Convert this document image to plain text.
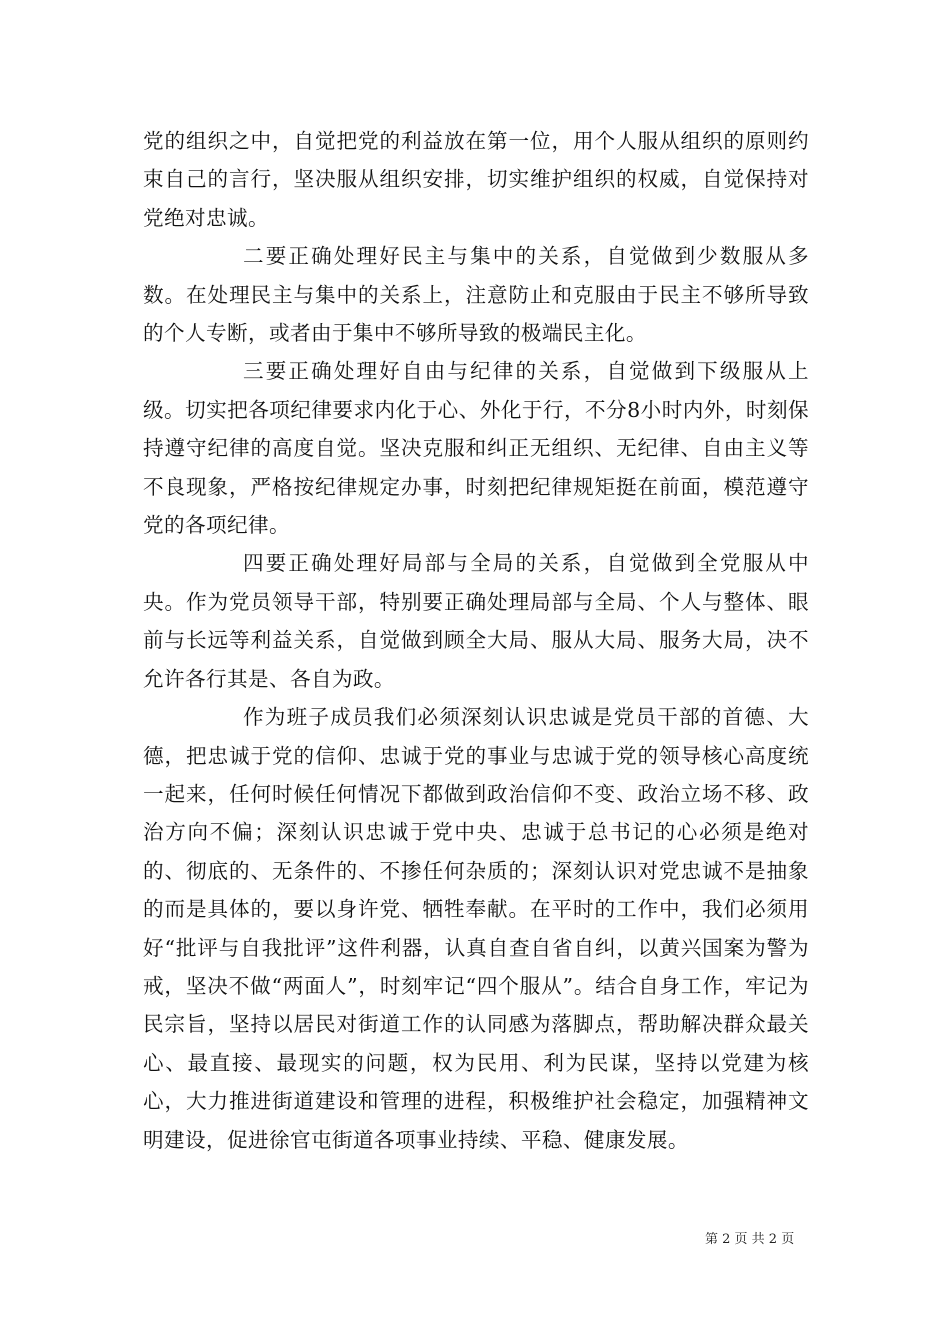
党的组织之中，自觉把党的利益放在第一位，用个人服从组织的原则约束自己的言行，坚决服从组织安排，切实维护组织的权威，自觉保持对党绝对忠诚。

二要正确处理好民主与集中的关系，自觉做到少数服从多数。在处理民主与集中的关系上，注意防止和克服由于民主不够所导致的个人专断，或者由于集中不够所导致的极端民主化。

三要正确处理好自由与纪律的关系，自觉做到下级服从上级。切实把各项纪律要求内化于心、外化于行，不分8小时内外，时刻保持遵守纪律的高度自觉。坚决克服和纠正无组织、无纪律、自由主义等不良现象，严格按纪律规定办事，时刻把纪律规矩挺在前面，模范遵守党的各项纪律。

四要正确处理好局部与全局的关系，自觉做到全党服从中央。作为党员领导干部，特别要正确处理局部与全局、个人与整体、眼前与长远等利益关系，自觉做到顾全大局、服从大局、服务大局，决不允许各行其是、各自为政。

作为班子成员我们必须深刻认识忠诚是党员干部的首德、大德，把忠诚于党的信仰、忠诚于党的事业与忠诚于党的领导核心高度统一起来，任何时候任何情况下都做到政治信仰不变、政治立场不移、政治方向不偏；深刻认识忠诚于党中央、忠诚于总书记的心必须是绝对的、彻底的、无条件的、不掺任何杂质的；深刻认识对党忠诚不是抽象的而是具体的，要以身许党、牺牲奉献。在平时的工作中，我们必须用好“批评与自我批评”这件利器，认真自查自省自纠，以黄兴国案为警为戒，坚决不做“两面人”，时刻牢记“四个服从”。结合自身工作，牢记为民宗旨，坚持以居民对街道工作的认同感为落脚点，帮助解决群众最关心、最直接、最现实的问题，权为民用、利为民谋，坚持以党建为核心，大力推进街道建设和管理的进程，积极维护社会稳定，加强精神文明建设，促进徐官屯街道各项事业持续、平稳、健康发展。

第 2 页 共 2 页
